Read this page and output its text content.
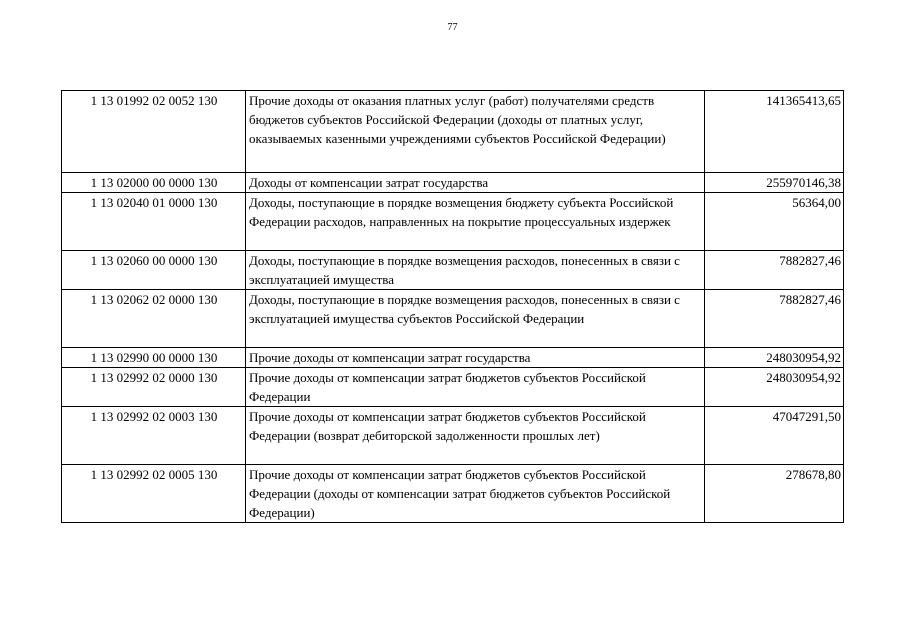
77
1 13 01992 02 0052 130	Прочие доходы от оказания платных услуг (работ) получателями средств бюджетов субъектов Российской Федерации (доходы от платных услуг, оказываемых казенными учреждениями субъектов Российской Федерации)	141365413,65
1 13 02000 00 0000 130	Доходы от компенсации затрат государства	255970146,38
1 13 02040 01 0000 130	Доходы, поступающие в порядке возмещения бюджету субъекта Российской Федерации расходов, направленных на покрытие процессуальных издержек	56364,00
1 13 02060 00 0000 130	Доходы, поступающие в порядке возмещения расходов, понесенных в связи с эксплуатацией имущества	7882827,46
1 13 02062 02 0000 130	Доходы, поступающие в порядке возмещения расходов, понесенных в связи с эксплуатацией имущества субъектов Российской Федерации	7882827,46
1 13 02990 00 0000 130	Прочие доходы от компенсации затрат государства	248030954,92
1 13 02992 02 0000 130	Прочие доходы от компенсации затрат бюджетов субъектов Российской Федерации	248030954,92
1 13 02992 02 0003 130	Прочие доходы от компенсации затрат бюджетов субъектов Российской Федерации (возврат дебиторской задолженности прошлых лет)	47047291,50
1 13 02992 02 0005 130	Прочие доходы от компенсации затрат бюджетов субъектов Российской Федерации (доходы от компенсации затрат бюджетов субъектов Российской Федерации)	278678,80
